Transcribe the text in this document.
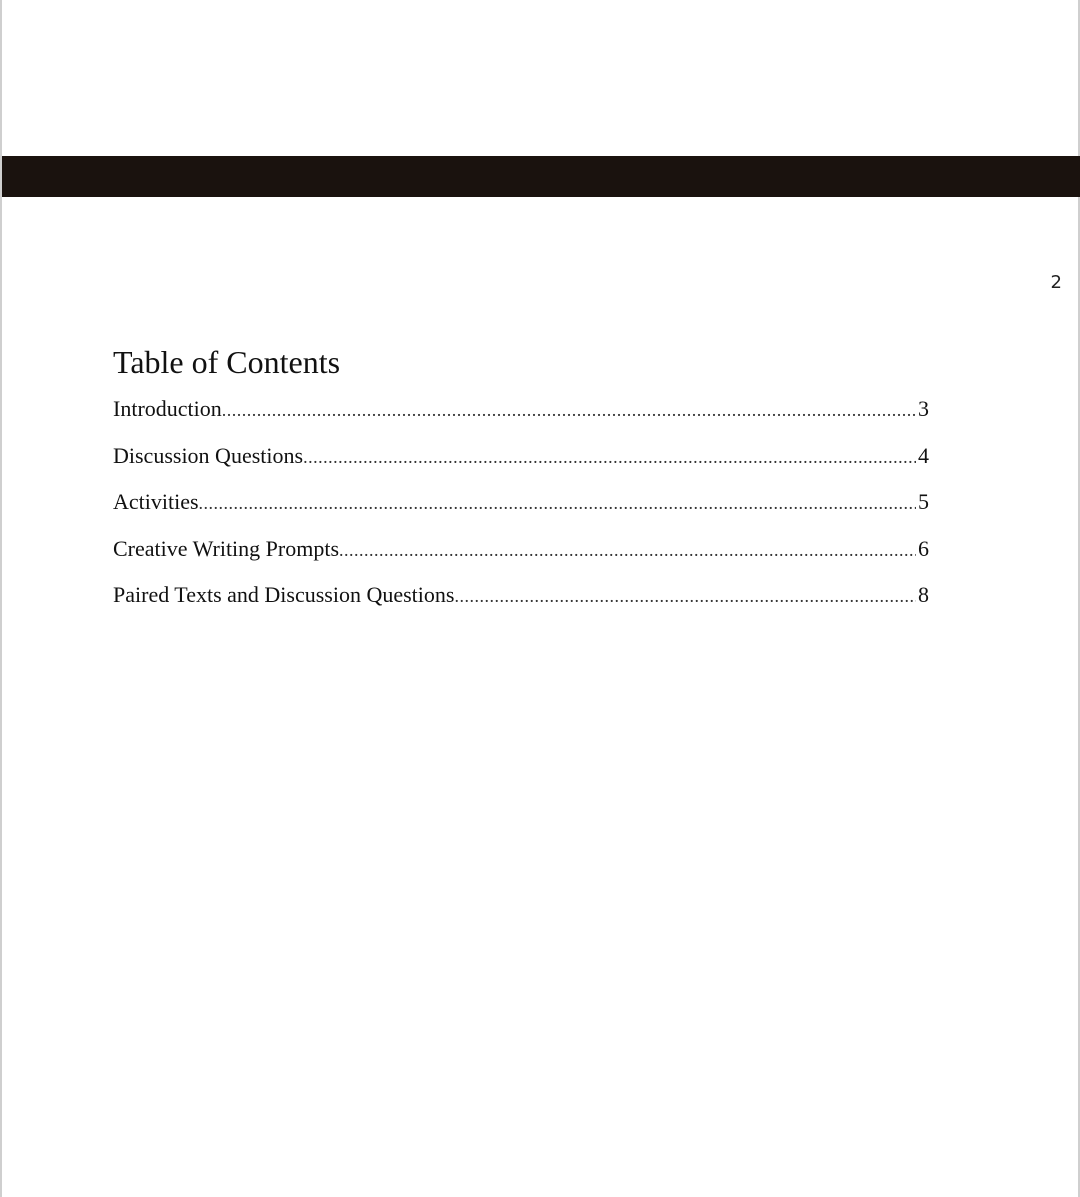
2
Table of Contents
Introduction .....	3
Discussion Questions .....	4
Activities .....	5
Creative Writing Prompts .....	6
Paired Texts and Discussion Questions .....	8
